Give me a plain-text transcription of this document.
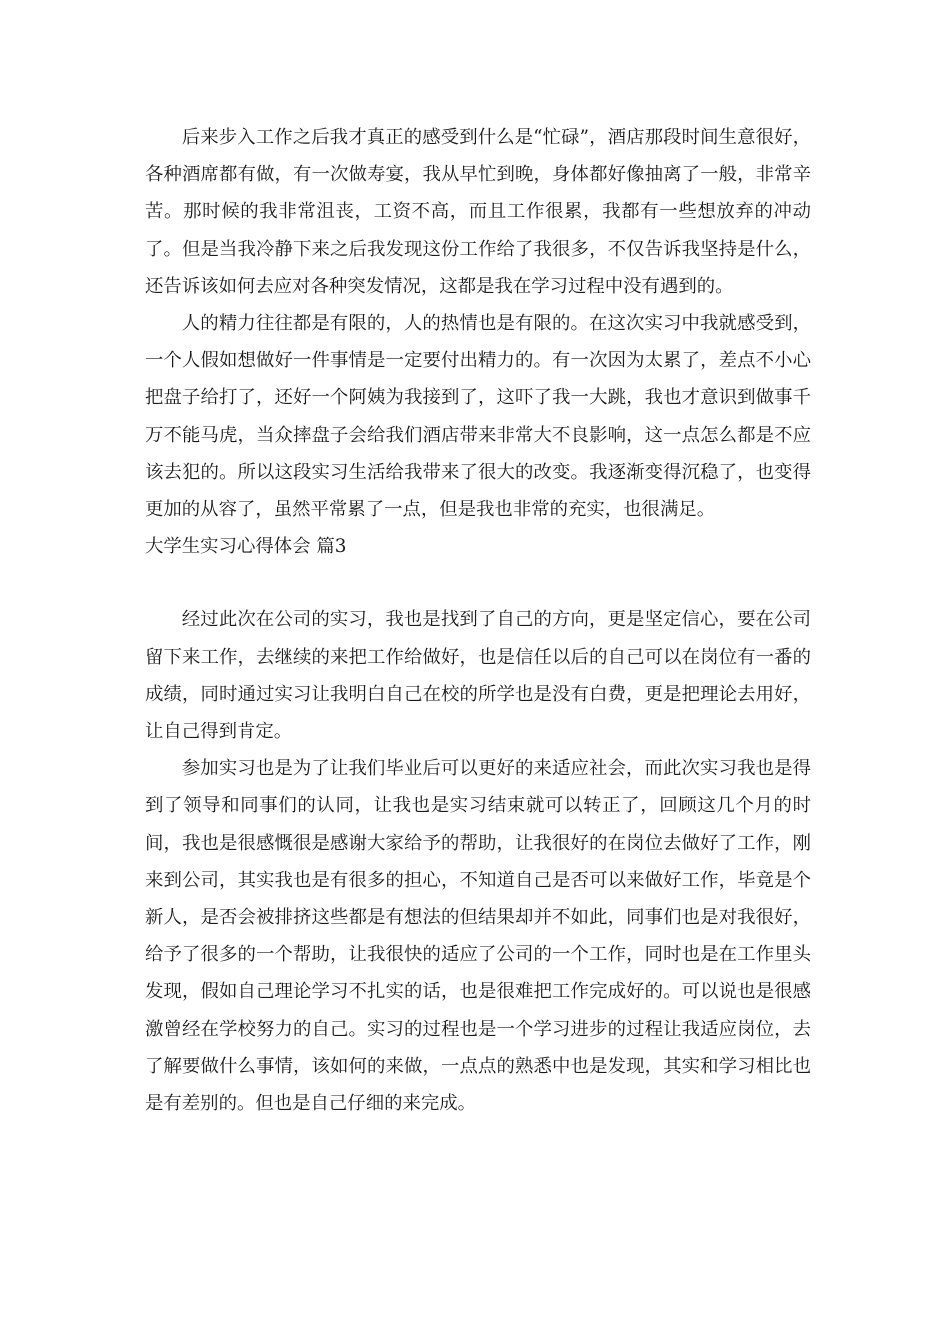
后来步入工作之后我才真正的感受到什么是“忙碌”，酒店那段时间生意很好，各种酒席都有做，有一次做寿宴，我从早忙到晚，身体都好像抽离了一般，非常辛苦。那时候的我非常沮丧，工资不高，而且工作很累，我都有一些想放弃的冲动了。但是当我冷静下来之后我发现这份工作给了我很多，不仅告诉我坚持是什么，还告诉该如何去应对各种突发情况，这都是我在学习过程中没有遇到的。

人的精力往往都是有限的，人的热情也是有限的。在这次实习中我就感受到，一个人假如想做好一件事情是一定要付出精力的。有一次因为太累了，差点不小心把盘子给打了，还好一个阿姨为我接到了，这吓了我一大跳，我也才意识到做事千万不能马虎，当众摔盘子会给我们酒店带来非常大不良影响，这一点怎么都是不应该去犯的。所以这段实习生活给我带来了很大的改变。我逐渐变得沉稳了，也变得更加的从容了，虽然平常累了一点，但是我也非常的充实，也很满足。

大学生实习心得体会 篇3

经过此次在公司的实习，我也是找到了自己的方向，更是坚定信心，要在公司留下来工作，去继续的来把工作给做好，也是信任以后的自己可以在岗位有一番的成绩，同时通过实习让我明白自己在校的所学也是没有白费，更是把理论去用好，让自己得到肯定。

参加实习也是为了让我们毕业后可以更好的来适应社会，而此次实习我也是得到了领导和同事们的认同，让我也是实习结束就可以转正了，回顾这几个月的时间，我也是很感慨很是感谢大家给予的帮助，让我很好的在岗位去做好了工作，刚来到公司，其实我也是有很多的担心，不知道自己是否可以来做好工作，毕竟是个新人，是否会被排挤这些都是有想法的但结果却并不如此，同事们也是对我很好，给予了很多的一个帮助，让我很快的适应了公司的一个工作，同时也是在工作里头发现，假如自己理论学习不扎实的话，也是很难把工作完成好的。可以说也是很感激曾经在学校努力的自己。实习的过程也是一个学习进步的过程让我适应岗位，去了解要做什么事情，该如何的来做，一点点的熟悉中也是发现，其实和学习相比也是有差别的。但也是自己仔细的来完成。
